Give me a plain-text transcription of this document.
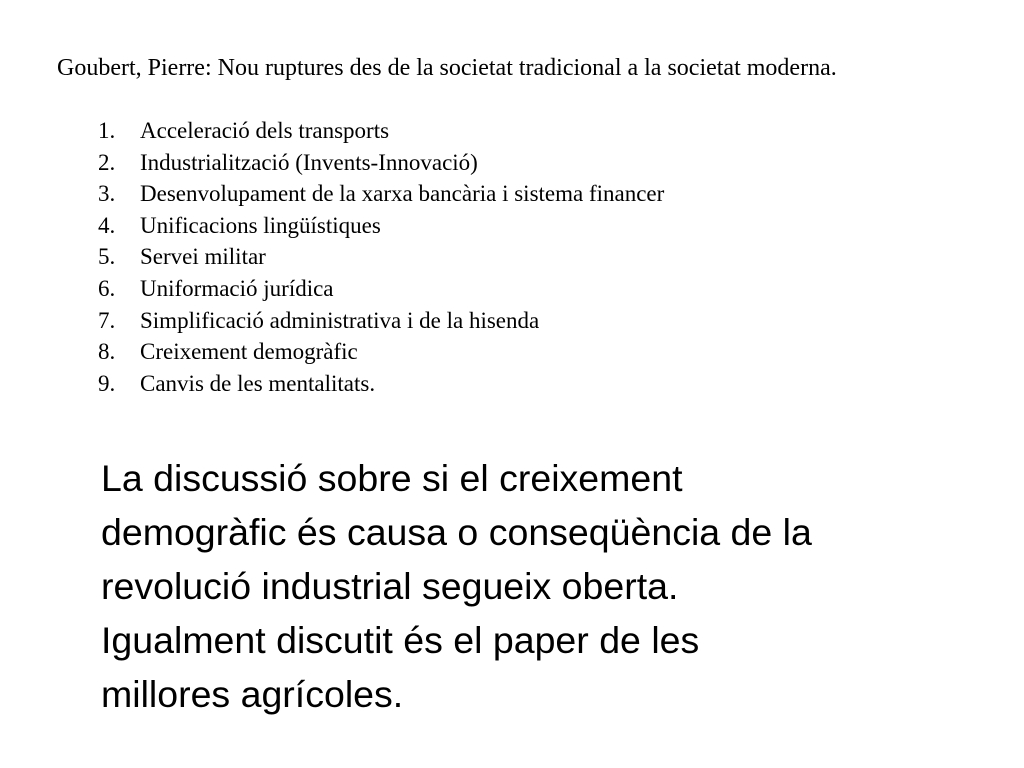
Goubert, Pierre: Nou ruptures des de la societat tradicional a la societat moderna.
1.	Acceleració dels transports
2.	Industrialització (Invents-Innovació)
3.	Desenvolupament de la xarxa bancària i sistema financer
4.	Unificacions lingüístiques
5.	Servei militar
6.	Uniformació jurídica
7.	Simplificació administrativa i de la hisenda
8.	Creixement demogràfic
9.	Canvis de les mentalitats.

La discussió sobre si el creixement
demogràfic és causa o conseqüència de la
revolució industrial segueix oberta.
Igualment discutit és el paper de les
millores agrícoles.
